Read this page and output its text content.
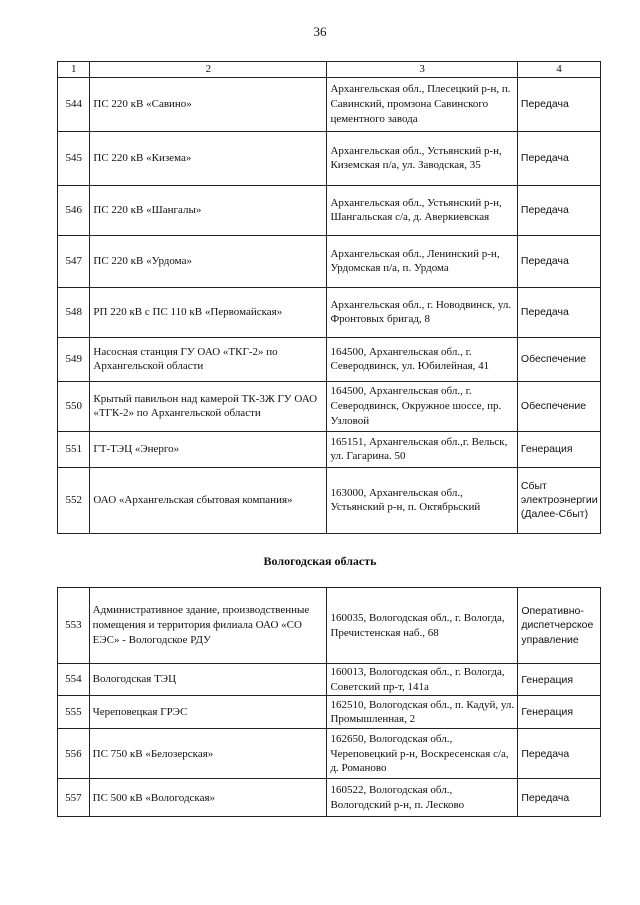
36
1	2	3	4
544	ПС 220 кВ «Савино»	Архангельская обл., Плесецкий р-н, п. Савинский, промзона Савинского цементного завода	Передача
545	ПС 220 кВ «Кизема»	Архангельская обл., Устьянский р-н, Киземская п/а, ул. Заводская, 35	Передача
546	ПС 220 кВ «Шангалы»	Архангельская обл., Устьянский р-н, Шангальская с/а, д. Аверкиевская	Передача
547	ПС 220 кВ «Урдома»	Архангельская обл., Ленинский р-н, Урдомская п/а, п. Урдома	Передача
548	РП 220 кВ с ПС 110 кВ «Первомайская»	Архангельская обл., г. Новодвинск, ул. Фронтовых бригад, 8	Передача
549	Насосная станция ГУ ОАО «ТКГ-2» по Архангельской области	164500, Архангельская обл., г. Северодвинск, ул. Юбилейная, 41	Обеспечение
550	Крытый павильон над камерой ТК-3Ж ГУ ОАО «ТГК-2» по Архангельской области	164500, Архангельская обл., г. Северодвинск, Окружное шоссе, пр. Узловой	Обеспечение
551	ГТ-ТЭЦ «Энерго»	165151, Архангельская обл.,г. Вельск, ул. Гагарина. 50	Генерация
552	ОАО «Архангельская сбытовая компания»	163000, Архангельская обл., Устьянский р-н, п. Октябрьский	Сбыт электроэнергии (Далее-Сбыт)
Вологодская область
553	Административное здание, производственные помещения и территория филиала ОАО «СО ЕЭС» - Вологодское РДУ	160035, Вологодская обл., г. Вологда, Пречистенская наб., 68	Оперативно-диспетчерское управление
554	Вологодская ТЭЦ	160013, Вологодская обл., г. Вологда, Советский пр-т, 141а	Генерация
555	Череповецкая ГРЭС	162510, Вологодская обл., п. Кадуй, ул. Промышленная, 2	Генерация
556	ПС 750 кВ «Белозерская»	162650, Вологодская обл., Череповецкий р-н, Воскресенская с/а, д. Романово	Передача
557	ПС 500 кВ «Вологодская»	160522, Вологодская обл., Вологодский р-н, п. Лесково	Передача
